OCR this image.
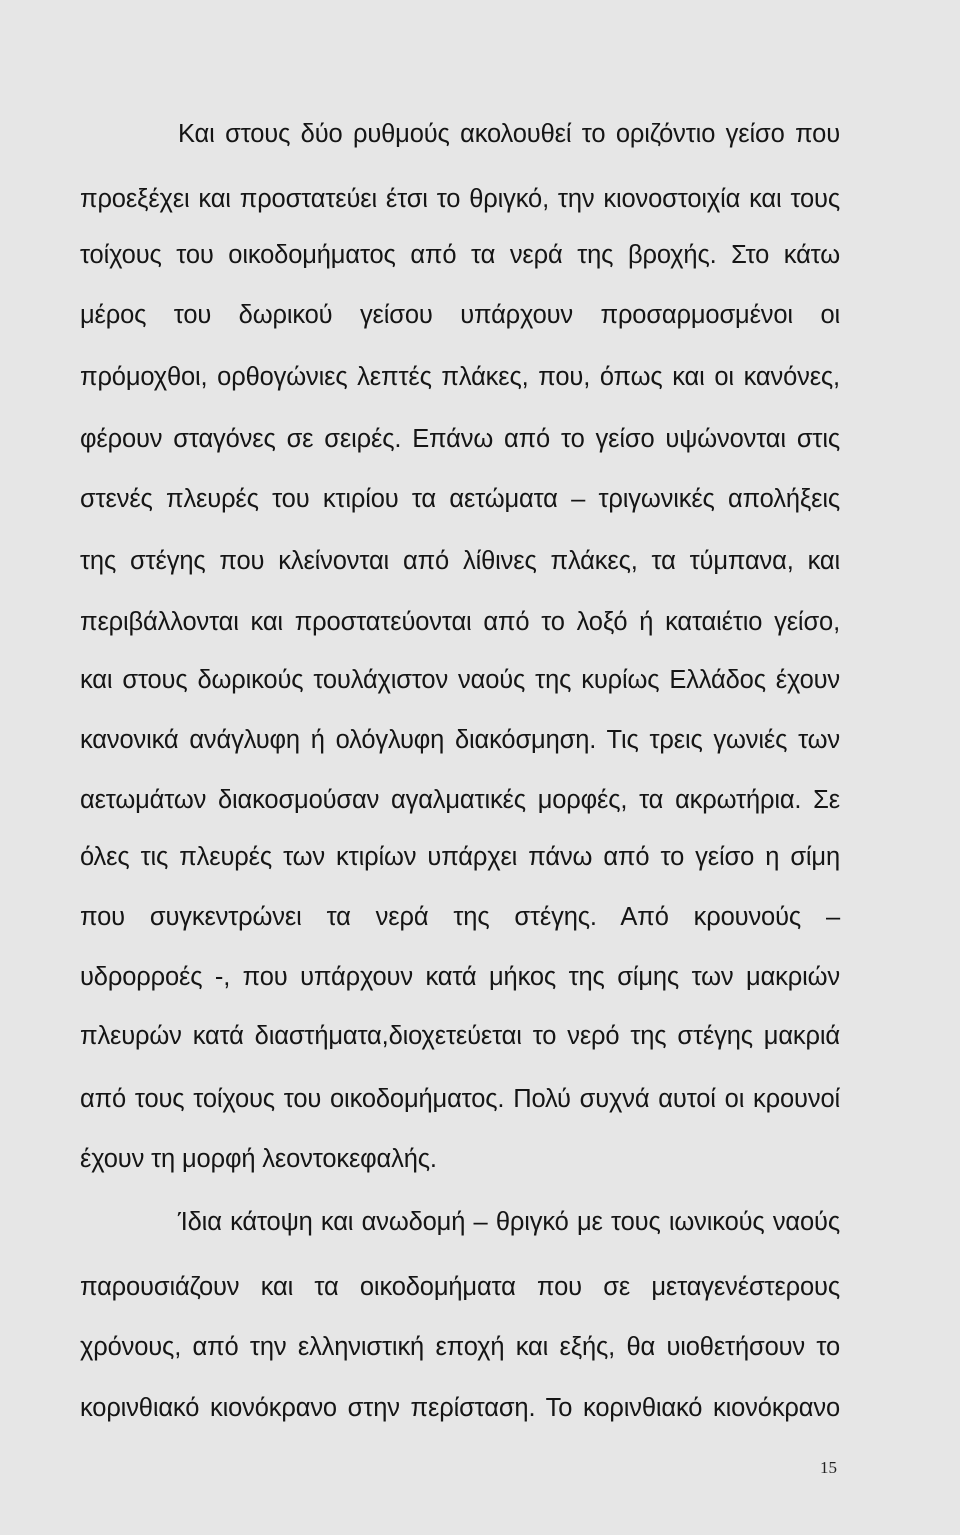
Και στους δύο ρυθμούς ακολουθεί το οριζόντιο γείσο που
προεξέχει και προστατεύει έτσι το θριγκό, την κιονοστοιχία και τους
τοίχους του οικοδομήματος από τα νερά της βροχής. Στο κάτω
μέρος του δωρικού γείσου υπάρχουν προσαρμοσμένοι οι
πρόμοχθοι, ορθογώνιες λεπτές πλάκες, που, όπως και οι κανόνες,
φέρουν σταγόνες σε σειρές. Επάνω από το γείσο υψώνονται στις
στενές πλευρές του κτιρίου τα αετώματα – τριγωνικές απολήξεις
της στέγης που κλείνονται από λίθινες πλάκες, τα τύμπανα, και
περιβάλλονται και προστατεύονται από το λοξό ή καταιέτιο γείσο,
και στους δωρικούς τουλάχιστον ναούς της κυρίως Ελλάδος έχουν
κανονικά ανάγλυφη ή ολόγλυφη διακόσμηση. Τις τρεις γωνιές των
αετωμάτων διακοσμούσαν αγαλματικές μορφές, τα ακρωτήρια. Σε
όλες τις πλευρές των κτιρίων υπάρχει πάνω από το γείσο η σίμη
που συγκεντρώνει τα νερά της στέγης. Από κρουνούς –
υδρορροές -, που υπάρχουν κατά μήκος της σίμης των μακριών
πλευρών κατά διαστήματα,διοχετεύεται το νερό της στέγης μακριά
από τους τοίχους του οικοδομήματος. Πολύ συχνά αυτοί οι κρουνοί
έχουν τη μορφή λεοντοκεφαλής.
Ίδια κάτοψη και ανωδομή – θριγκό με τους ιωνικούς ναούς
παρουσιάζουν και τα οικοδομήματα που σε μεταγενέστερους
χρόνους, από την ελληνιστική εποχή και εξής, θα υιοθετήσουν το
κορινθιακό κιονόκρανο στην περίσταση. Το κορινθιακό κιονόκρανο
15
